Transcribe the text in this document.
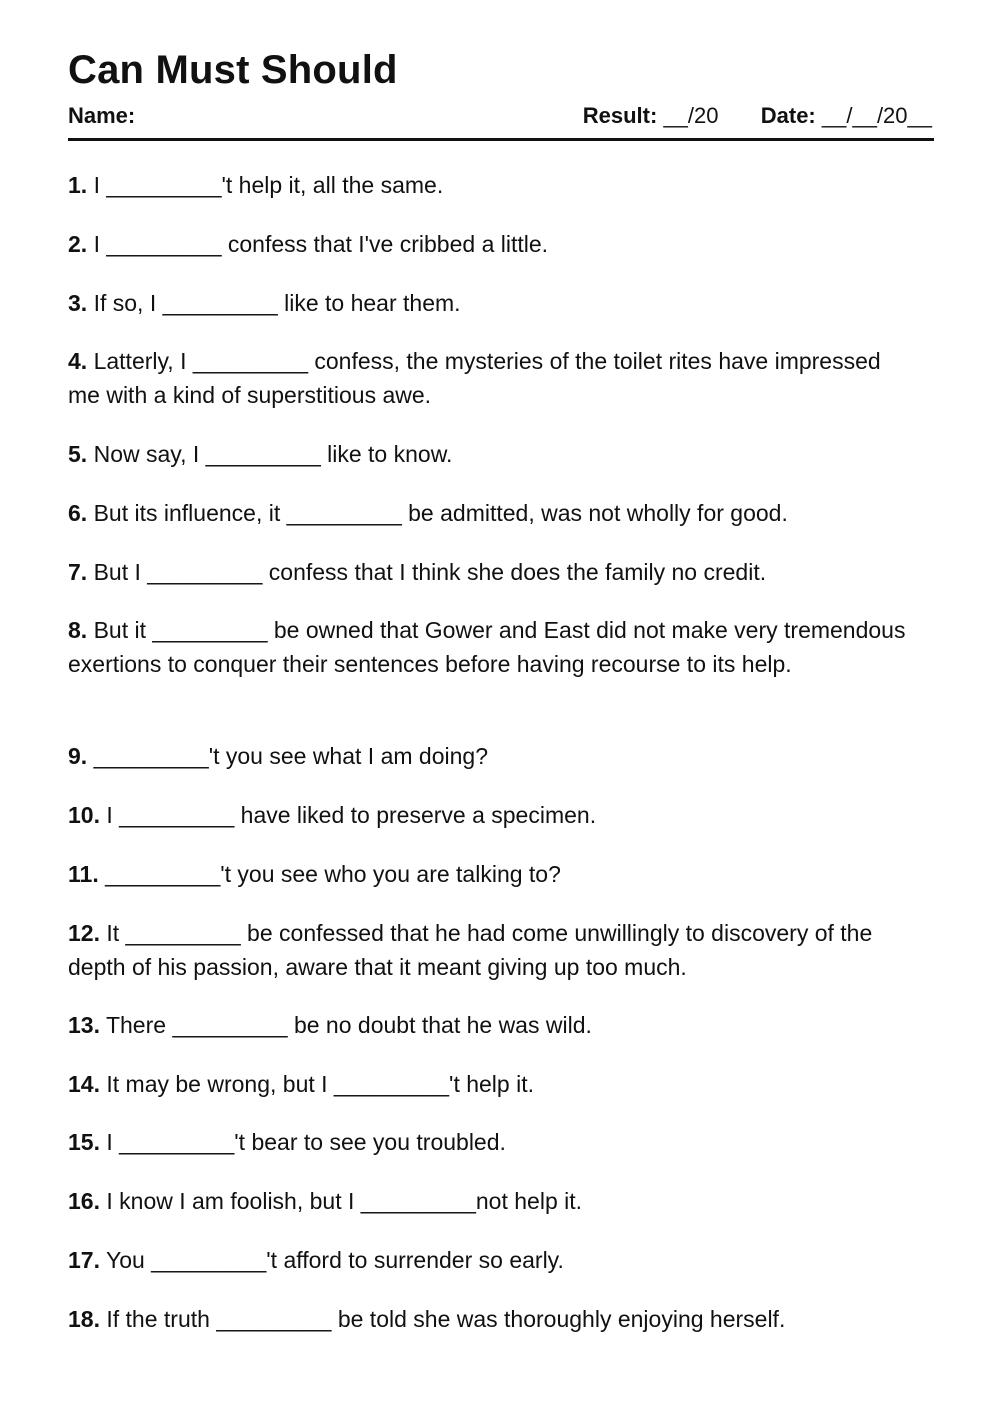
Can Must Should
Name:	Result: __/20 Date: __/__/20__
1. I _________'t help it, all the same.
2. I _________ confess that I've cribbed a little.
3. If so, I _________ like to hear them.
4. Latterly, I _________ confess, the mysteries of the toilet rites have impressed me with a kind of superstitious awe.
5. Now say, I _________ like to know.
6. But its influence, it _________ be admitted, was not wholly for good.
7. But I _________ confess that I think she does the family no credit.
8. But it _________ be owned that Gower and East did not make very tremendous exertions to conquer their sentences before having recourse to its help.
9. _________'t you see what I am doing?
10. I _________ have liked to preserve a specimen.
11. _________'t you see who you are talking to?
12. It _________ be confessed that he had come unwillingly to discovery of the depth of his passion, aware that it meant giving up too much.
13. There _________ be no doubt that he was wild.
14. It may be wrong, but I _________'t help it.
15. I _________'t bear to see you troubled.
16. I know I am foolish, but I _________not help it.
17. You _________'t afford to surrender so early.
18. If the truth _________ be told she was thoroughly enjoying herself.
